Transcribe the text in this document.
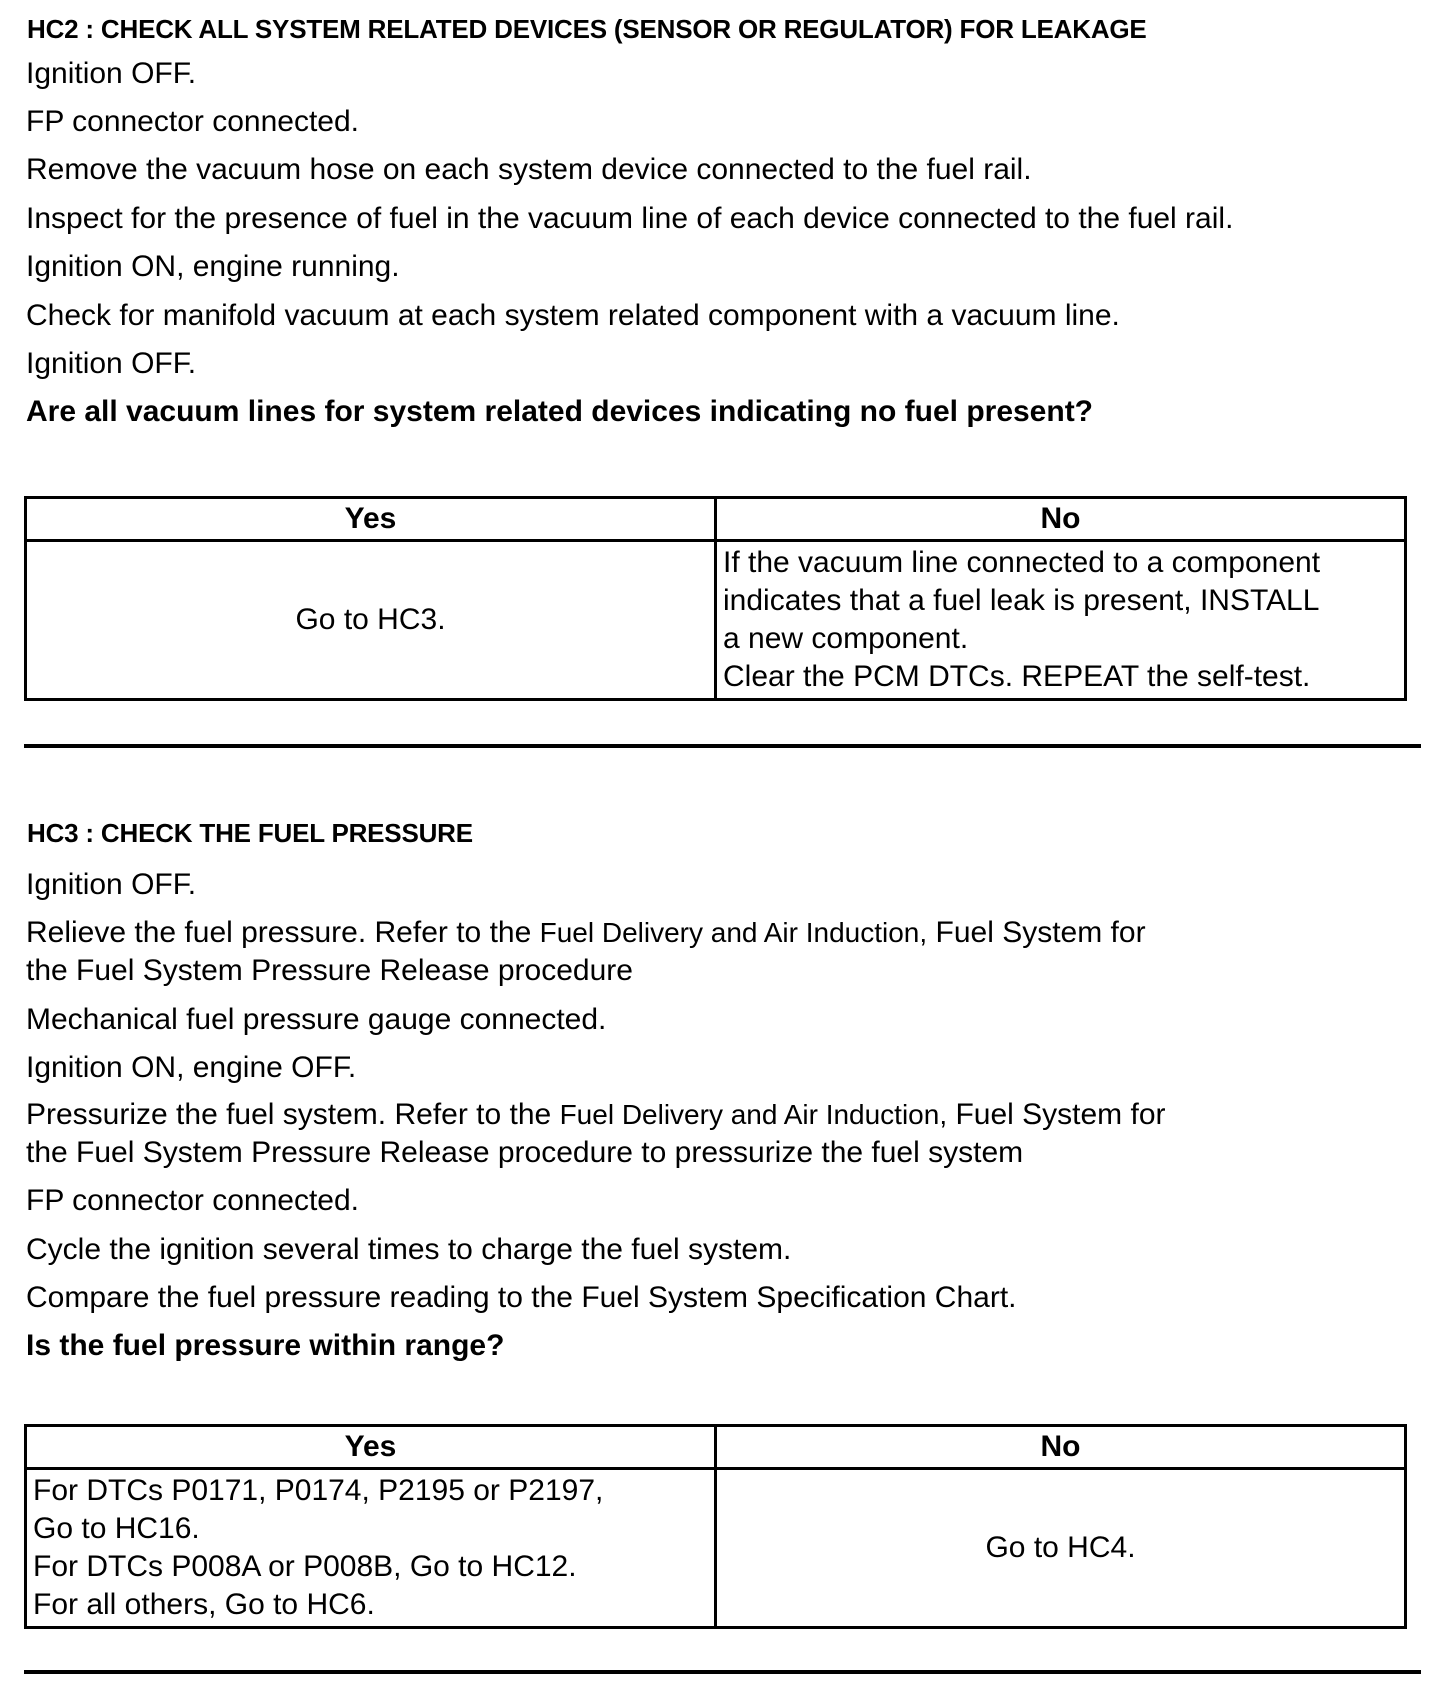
HC2 : CHECK ALL SYSTEM RELATED DEVICES (SENSOR OR REGULATOR) FOR LEAKAGE
Ignition OFF.
FP connector connected.
Remove the vacuum hose on each system device connected to the fuel rail.
Inspect for the presence of fuel in the vacuum line of each device connected to the fuel rail.
Ignition ON, engine running.
Check for manifold vacuum at each system related component with a vacuum line.
Ignition OFF.
Are all vacuum lines for system related devices indicating no fuel present?
Yes	No
Go to HC3.	If the vacuum line connected to a component
indicates that a fuel leak is present, INSTALL
a new component.
Clear the PCM DTCs. REPEAT the self-test.
HC3 : CHECK THE FUEL PRESSURE
Ignition OFF.
Relieve the fuel pressure. Refer to the Fuel Delivery and Air Induction, Fuel System for
the Fuel System Pressure Release procedure
Mechanical fuel pressure gauge connected.
Ignition ON, engine OFF.
Pressurize the fuel system. Refer to the Fuel Delivery and Air Induction, Fuel System for
the Fuel System Pressure Release procedure to pressurize the fuel system
FP connector connected.
Cycle the ignition several times to charge the fuel system.
Compare the fuel pressure reading to the Fuel System Specification Chart.
Is the fuel pressure within range?
Yes	No

For DTCs P0171, P0174, P2195 or P2197,
Go to HC16.
For DTCs P008A or P008B, Go to HC12.
For all others, Go to HC6.	Go to HC4.
